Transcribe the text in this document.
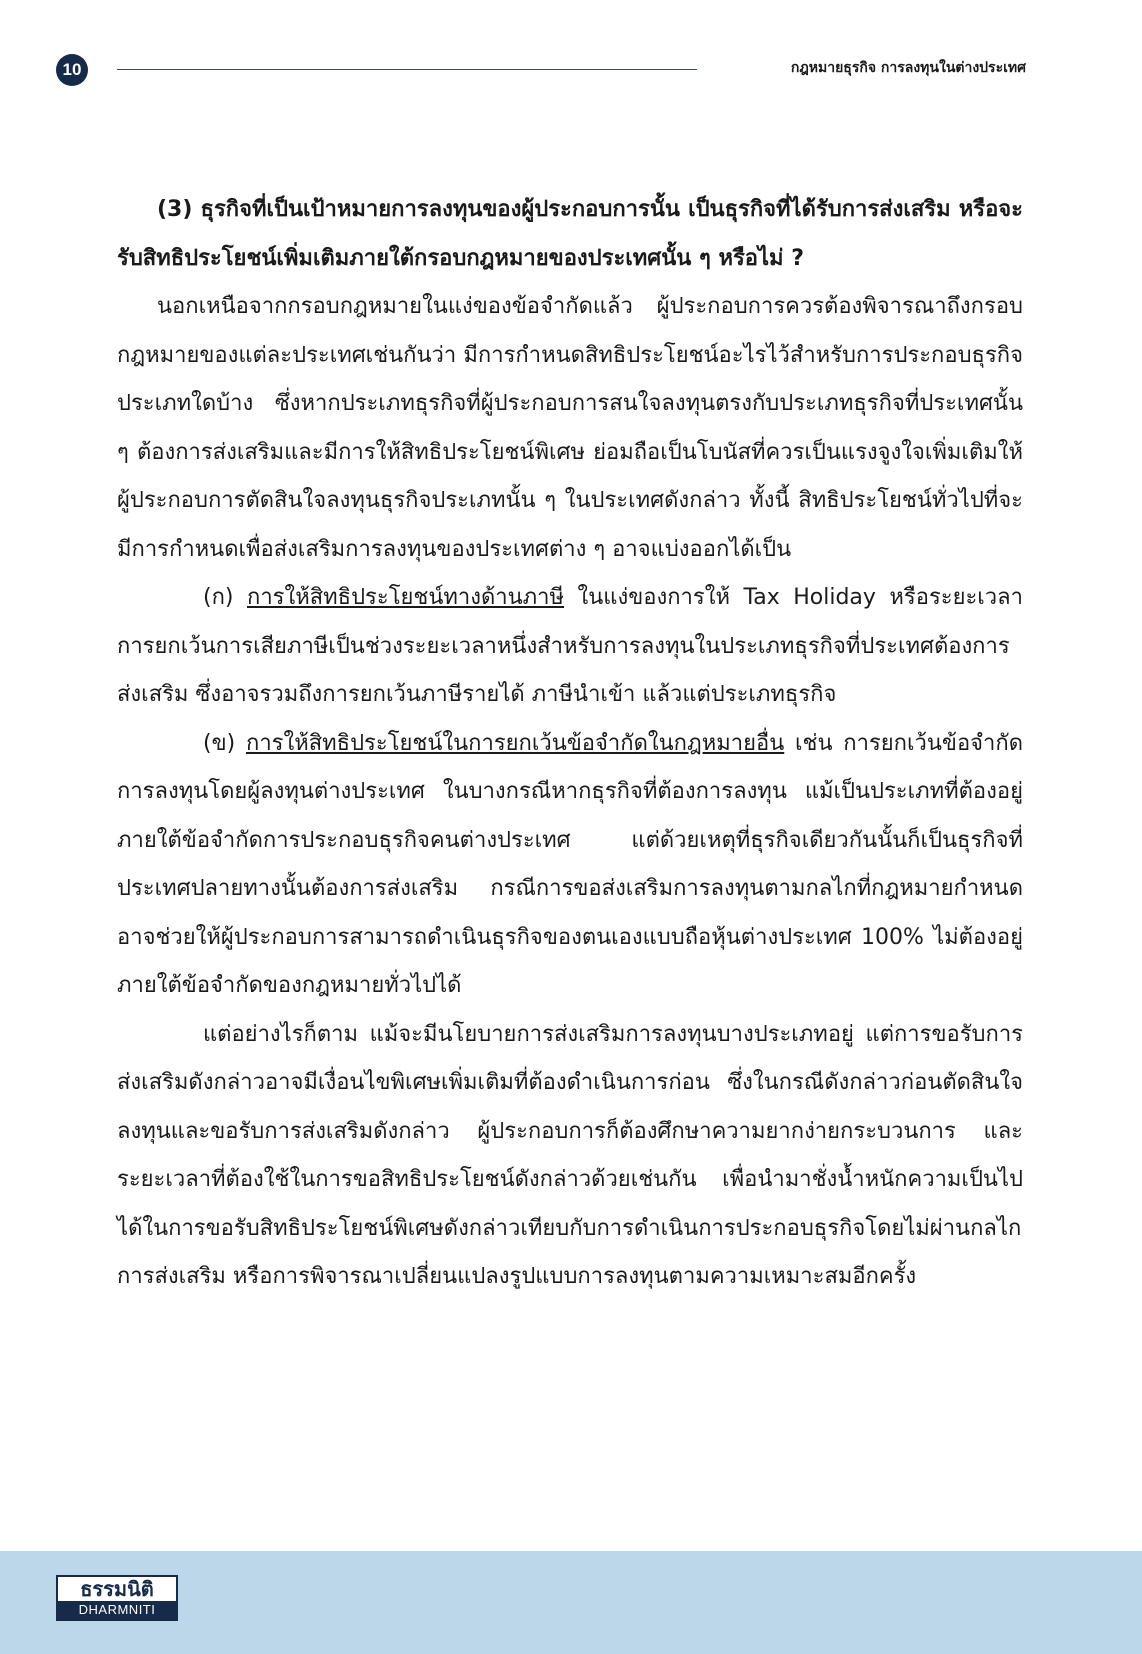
10	กฎหมายธุรกิจ การลงทุนในต่างประเทศ

(3) ธุรกิจที่เป็นเป้าหมายการลงทุนของผู้ประกอบการนั้น เป็นธุรกิจที่ได้รับการส่งเสริม หรือจะรับสิทธิประโยชน์เพิ่มเติมภายใต้กรอบกฎหมายของประเทศนั้น ๆ หรือไม่ ?

นอกเหนือจากกรอบกฎหมายในแง่ของข้อจำกัดแล้ว ผู้ประกอบการควรต้องพิจารณาถึงกรอบกฎหมายของแต่ละประเทศเช่นกันว่า มีการกำหนดสิทธิประโยชน์อะไรไว้สำหรับการประกอบธุรกิจประเภทใดบ้าง ซึ่งหากประเภทธุรกิจที่ผู้ประกอบการสนใจลงทุนตรงกับประเภทธุรกิจที่ประเทศนั้น ๆ ต้องการส่งเสริมและมีการให้สิทธิประโยชน์พิเศษ ย่อมถือเป็นโบนัสที่ควรเป็นแรงจูงใจเพิ่มเติมให้ผู้ประกอบการตัดสินใจลงทุนธุรกิจประเภทนั้น ๆ ในประเทศดังกล่าว ทั้งนี้ สิทธิประโยชน์ทั่วไปที่จะมีการกำหนดเพื่อส่งเสริมการลงทุนของประเทศต่าง ๆ อาจแบ่งออกได้เป็น

(ก) การให้สิทธิประโยชน์ทางด้านภาษี ในแง่ของการให้ Tax Holiday หรือระยะเวลาการยกเว้นการเสียภาษีเป็นช่วงระยะเวลาหนึ่งสำหรับการลงทุนในประเภทธุรกิจที่ประเทศต้องการส่งเสริม ซึ่งอาจรวมถึงการยกเว้นภาษีรายได้ ภาษีนำเข้า แล้วแต่ประเภทธุรกิจ

(ข) การให้สิทธิประโยชน์ในการยกเว้นข้อจำกัดในกฎหมายอื่น เช่น การยกเว้นข้อจำกัดการลงทุนโดยผู้ลงทุนต่างประเทศ ในบางกรณีหากธุรกิจที่ต้องการลงทุน แม้เป็นประเภทที่ต้องอยู่ภายใต้ข้อจำกัดการประกอบธุรกิจคนต่างประเทศ แต่ด้วยเหตุที่ธุรกิจเดียวกันนั้นก็เป็นธุรกิจที่ประเทศปลายทางนั้นต้องการส่งเสริม กรณีการขอส่งเสริมการลงทุนตามกลไกที่กฎหมายกำหนดอาจช่วยให้ผู้ประกอบการสามารถดำเนินธุรกิจของตนเองแบบถือหุ้นต่างประเทศ 100% ไม่ต้องอยู่ภายใต้ข้อจำกัดของกฎหมายทั่วไปได้

แต่อย่างไรก็ตาม แม้จะมีนโยบายการส่งเสริมการลงทุนบางประเภทอยู่ แต่การขอรับการส่งเสริมดังกล่าวอาจมีเงื่อนไขพิเศษเพิ่มเติมที่ต้องดำเนินการก่อน ซึ่งในกรณีดังกล่าวก่อนตัดสินใจลงทุนและขอรับการส่งเสริมดังกล่าว ผู้ประกอบการก็ต้องศึกษาความยากง่ายกระบวนการ และระยะเวลาที่ต้องใช้ในการขอสิทธิประโยชน์ดังกล่าวด้วยเช่นกัน เพื่อนำมาชั่งน้ำหนักความเป็นไปได้ในการขอรับสิทธิประโยชน์พิเศษดังกล่าวเทียบกับการดำเนินการประกอบธุรกิจโดยไม่ผ่านกลไกการส่งเสริม หรือการพิจารณาเปลี่ยนแปลงรูปแบบการลงทุนตามความเหมาะสมอีกครั้ง

ธรรมนิติ
DHARMNITI
